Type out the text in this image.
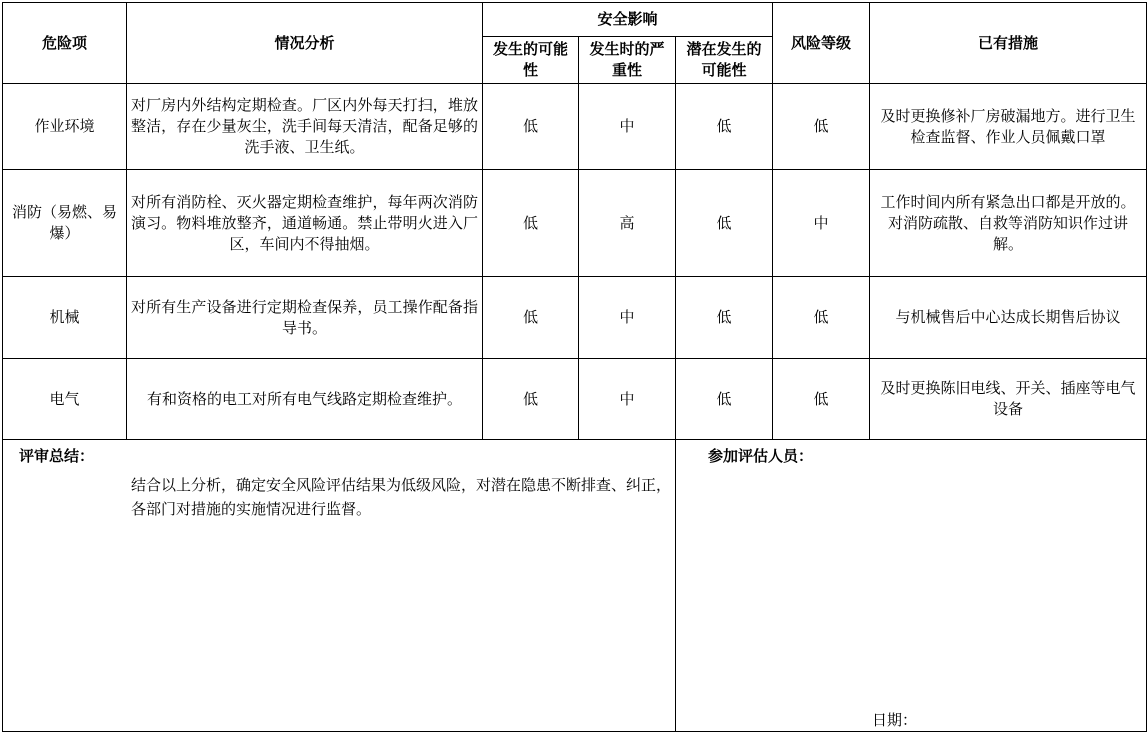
危险项	情况分析	安全影响			风险等级	已有措施
		发生的可能性	发生时的严重性	潜在发生的可能性		
作业环境	对厂房内外结构定期检查。厂区内外每天打扫，堆放整洁，存在少量灰尘，洗手间每天清洁，配备足够的洗手液、卫生纸。	低	中	低	低	及时更换修补厂房破漏地方。进行卫生检查监督、作业人员佩戴口罩
消防（易燃、易爆）	对所有消防栓、灭火器定期检查维护，每年两次消防演习。物料堆放整齐，通道畅通。禁止带明火进入厂区，车间内不得抽烟。	低	高	低	中	工作时间内所有紧急出口都是开放的。对消防疏散、自救等消防知识作过讲解。
机械	对所有生产设备进行定期检查保养，员工操作配备指导书。	低	中	低	低	与机械售后中心达成长期售后协议
电气	有和资格的电工对所有电气线路定期检查维护。	低	中	低	低	及时更换陈旧电线、开关、插座等电气设备

评审总结：
结合以上分析，确定安全风险评估结果为低级风险，对潜在隐患不断排查、纠正，各部门对措施的实施情况进行监督。				参加评估人员：
日期：		
